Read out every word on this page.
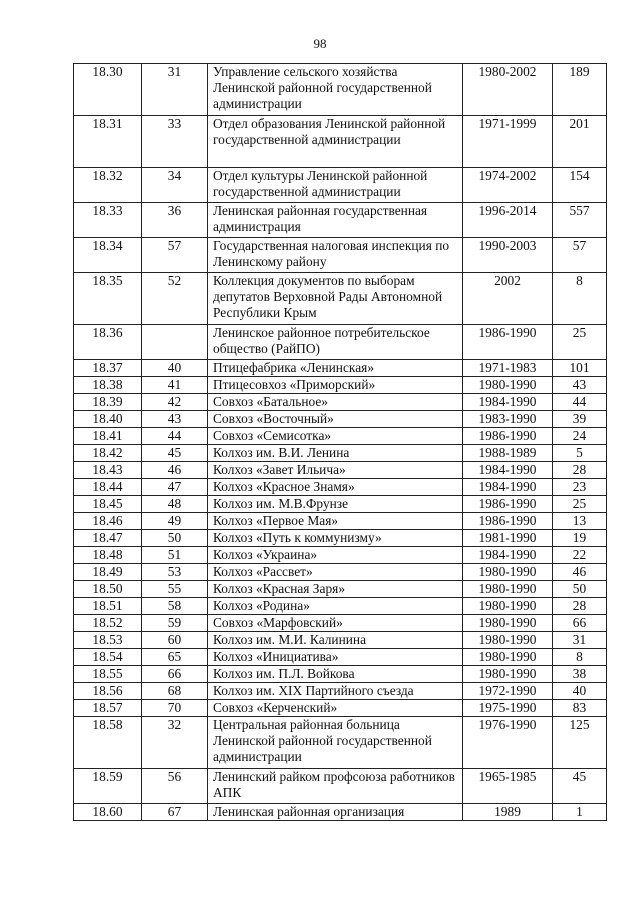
98
18.30	31	Управление сельского хозяйства Ленинской районной государственной администрации	1980-2002	189
18.31	33	Отдел образования Ленинской районной государственной администрации	1971-1999	201
18.32	34	Отдел культуры Ленинской районной государственной администрации	1974-2002	154
18.33	36	Ленинская районная государственная администрация	1996-2014	557
18.34	57	Государственная налоговая инспекция по Ленинскому району	1990-2003	57
18.35	52	Коллекция документов по выборам депутатов Верховной Рады Автономной Республики Крым	2002	8
18.36		Ленинское районное потребительское общество (РайПО)	1986-1990	25
18.37	40	Птицефабрика «Ленинская»	1971-1983	101
18.38	41	Птицесовхоз «Приморский»	1980-1990	43
18.39	42	Совхоз «Батальное»	1984-1990	44
18.40	43	Совхоз «Восточный»	1983-1990	39
18.41	44	Совхоз «Семисотка»	1986-1990	24
18.42	45	Колхоз им. В.И. Ленина	1988-1989	5
18.43	46	Колхоз «Завет Ильича»	1984-1990	28
18.44	47	Колхоз «Красное Знамя»	1984-1990	23
18.45	48	Колхоз им. М.В.Фрунзе	1986-1990	25
18.46	49	Колхоз «Первое Мая»	1986-1990	13
18.47	50	Колхоз «Путь к коммунизму»	1981-1990	19
18.48	51	Колхоз «Украина»	1984-1990	22
18.49	53	Колхоз «Рассвет»	1980-1990	46
18.50	55	Колхоз «Красная Заря»	1980-1990	50
18.51	58	Колхоз «Родина»	1980-1990	28
18.52	59	Совхоз «Марфовский»	1980-1990	66
18.53	60	Колхоз им. М.И. Калинина	1980-1990	31
18.54	65	Колхоз «Инициатива»	1980-1990	8
18.55	66	Колхоз им. П.Л. Войкова	1980-1990	38
18.56	68	Колхоз им. XIX Партийного съезда	1972-1990	40
18.57	70	Совхоз «Керченский»	1975-1990	83
18.58	32	Центральная районная больница Ленинской районной государственной администрации	1976-1990	125
18.59	56	Ленинский райком профсоюза работников АПК	1965-1985	45
18.60	67	Ленинская районная организация	1989	1
